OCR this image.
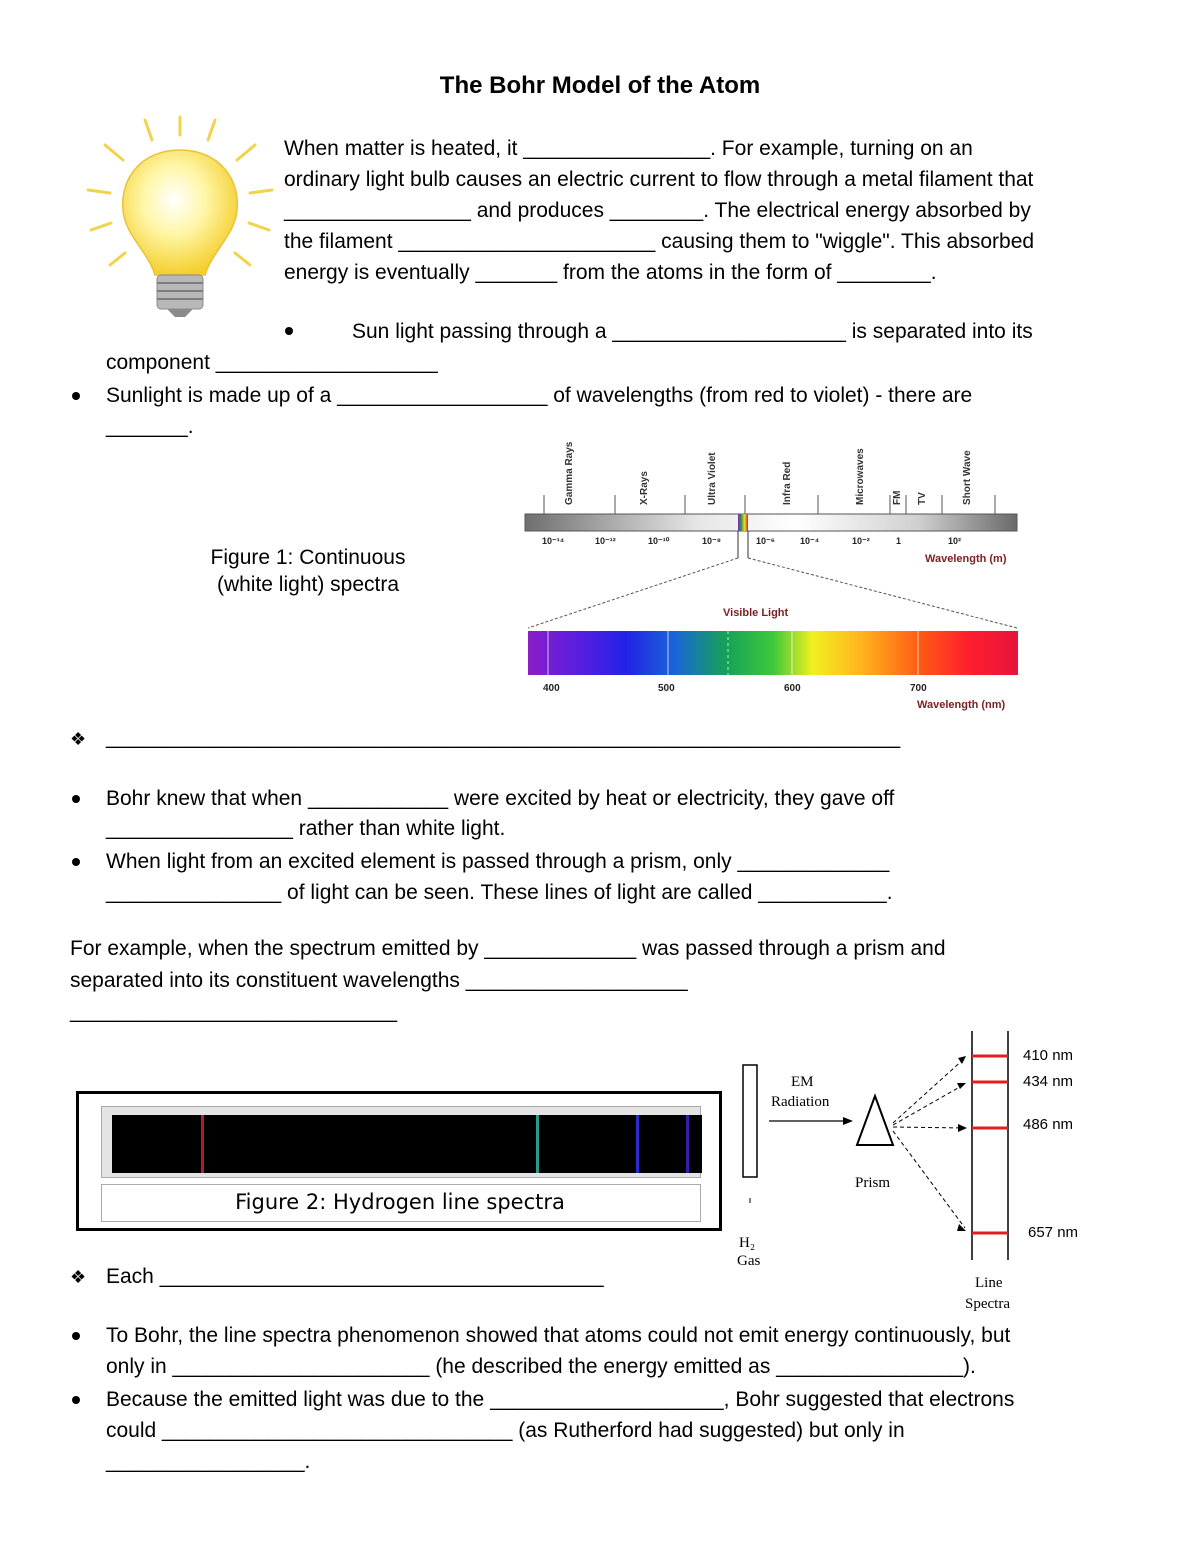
The Bohr Model of the Atom
When matter is heated, it ________________. For example, turning on an
ordinary light bulb causes an electric current to flow through a metal filament that
________________ and produces ________. The electrical energy absorbed by
the filament ______________________ causing them to "wiggle". This absorbed
energy is eventually _______ from the atoms in the form of ________.
Sun light passing through a ____________________ is separated into its
component ___________________
Sunlight is made up of a __________________ of wavelengths (from red to violet) - there are
_______.
Figure 1: Continuous
(white light) spectra
Gamma Rays	X-Rays	Ultra Violet	Infra Red	Microwaves	FM TV	Short Wave
10⁻¹⁴	10⁻¹²	10⁻¹⁰	10⁻⁸	10⁻⁶	10⁻⁴	10⁻²	1	10²
Wavelength (m)
Visible Light
400	500	600	700
Wavelength (nm)
❖ ____________________________________________________________________
Bohr knew that when ____________ were excited by heat or electricity, they gave off
________________ rather than white light.
When light from an excited element is passed through a prism, only _____________
_______________ of light can be seen. These lines of light are called ___________.
For example, when the spectrum emitted by _____________ was passed through a prism and
separated into its constituent wavelengths ___________________
____________________________
Figure 2: Hydrogen line spectra
H₂
Gas
EM
Radiation
Prism
410 nm
434 nm
486 nm
657 nm
Line
Spectra
❖ Each ______________________________________
To Bohr, the line spectra phenomenon showed that atoms could not emit energy continuously, but
only in ______________________ (he described the energy emitted as ________________).
Because the emitted light was due to the ____________________, Bohr suggested that electrons
could ______________________________ (as Rutherford had suggested) but only in
_________________.
